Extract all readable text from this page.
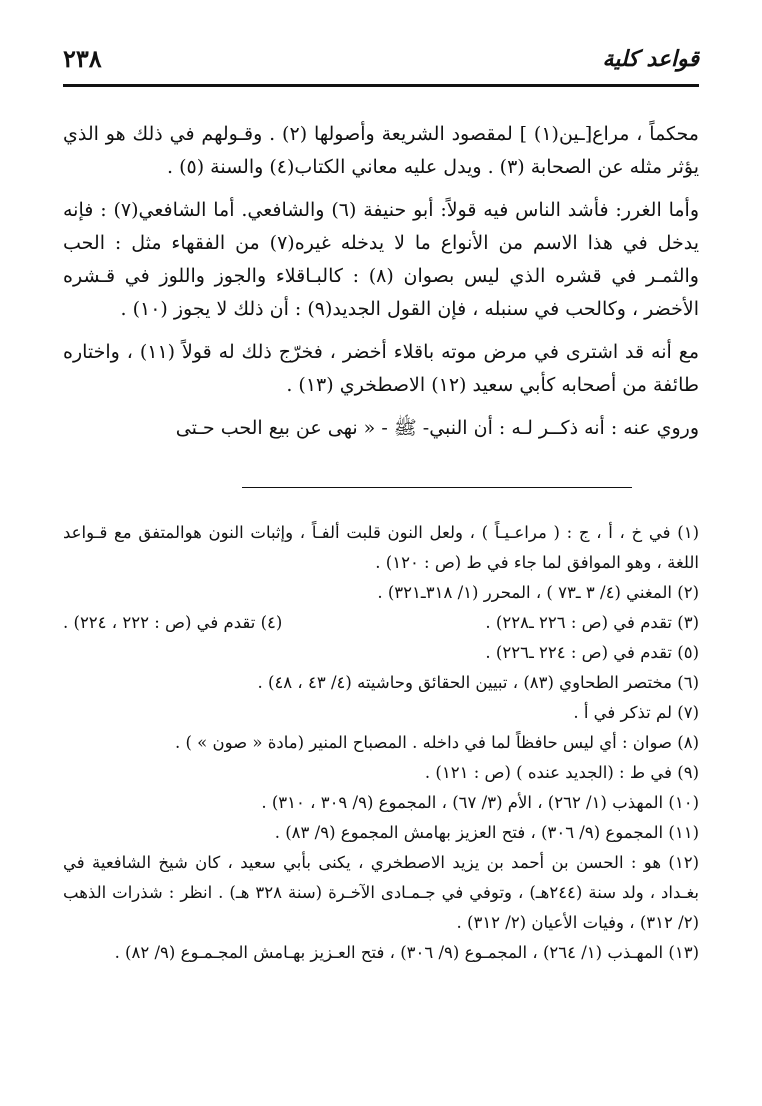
قواعد كلية
٢٣٨

محكماً ، مراع[ـين(١) ] لمقصود الشريعة وأصولها (٢) . وقـولهم في ذلك هو الذي يؤثر مثله عن الصحابة (٣) . ويدل عليه معاني الكتاب(٤) والسنة (٥) .

وأما الغرر: فأشد الناس فيه قولاً: أبو حنيفة (٦) والشافعي. أما الشافعي(٧) : فإنه يدخل في هذا الاسم من الأنواع ما لا يدخله غيره(٧) من الفقهاء مثل : الحب والثمـر في قشره الذي ليس بصوان (٨) : كالبـاقلاء والجوز واللوز في قـشره الأخضر ، وكالحب في سنبله ، فإن القول الجديد(٩) : أن ذلك لا يجوز (١٠) .

مع أنه قد اشترى في مرض موته باقلاء أخضر ، فخرّج ذلك له قولاً (١١) ، واختاره طائفة من أصحابه كأبي سعيد (١٢) الاصطخري (١٣) .

وروي عنه : أنه ذكــر لـه : أن النبي- ﷺ - « نهى عن بيع الحب حـتى

(١) في خ ، أ ، ج : ( مراعـيـاً ) ، ولعل النون قلبت ألفـاً ، وإثبات النون هوالمتفق مع قـواعد اللغة ، وهو الموافق لما جاء في ط (ص : ١٢٠) .

(٢) المغني (٤/ ٣ ـ٧٣ ) ، المحرر (١/ ٣١٨ـ٣٢١) .

(٣) تقدم في (ص : ٢٢٦ ـ٢٢٨) .

(٤) تقدم في (ص : ٢٢٢ ، ٢٢٤) .

(٥) تقدم في (ص : ٢٢٤ ـ٢٢٦) .

(٦) مختصر الطحاوي (٨٣) ، تبيين الحقائق وحاشيته (٤/ ٤٣ ، ٤٨) .

(٧) لم تذكر في أ .

(٨) صوان : أي ليس حافظاً لما في داخله . المصباح المنير (مادة « صون » ) .

(٩) في ط : (الجديد عنده ) (ص : ١٢١) .

(١٠) المهذب (١/ ٢٦٢) ، الأم (٣/ ٦٧) ، المجموع (٩/ ٣٠٩ ، ٣١٠) .

(١١) المجموع (٩/ ٣٠٦) ، فتح العزيز بهامش المجموع (٩/ ٨٣) .

(١٢) هو : الحسن بن أحمد بن يزيد الاصطخري ، يكنى بأبي سعيد ، كان شيخ الشافعية في بغـداد ، ولد سنة (٢٤٤هـ) ، وتوفي في جـمـادى الآخـرة (سنة ٣٢٨ هـ) . انظر : شذرات الذهب (٢/ ٣١٢) ، وفيات الأعيان (٢/ ٣١٢) .

(١٣) المهـذب (١/ ٢٦٤) ، المجمـوع (٩/ ٣٠٦) ، فتح العـزيز بهـامش المجـمـوع (٩/ ٨٢) .
